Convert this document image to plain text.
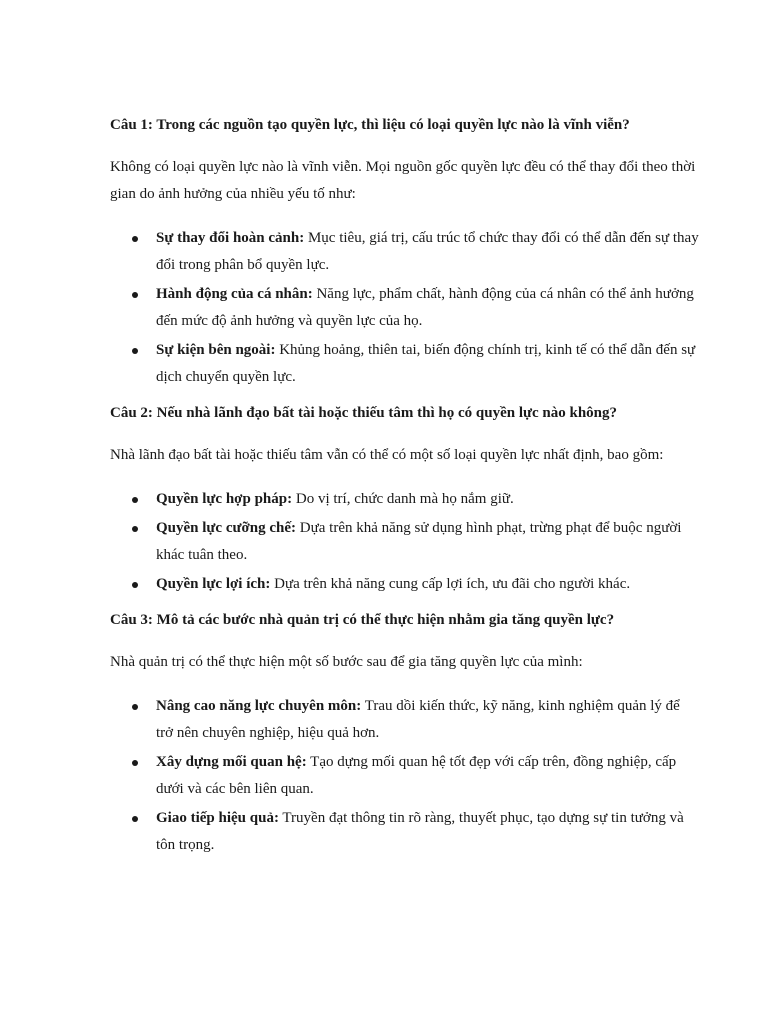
Câu 1: Trong các nguồn tạo quyền lực, thì liệu có loại quyền lực nào là vĩnh viễn?

Không có loại quyền lực nào là vĩnh viễn. Mọi nguồn gốc quyền lực đều có thể thay đổi theo thời gian do ảnh hưởng của nhiều yếu tố như:

Sự thay đổi hoàn cảnh: Mục tiêu, giá trị, cấu trúc tổ chức thay đổi có thể dẫn đến sự thay đổi trong phân bổ quyền lực.
Hành động của cá nhân: Năng lực, phẩm chất, hành động của cá nhân có thể ảnh hưởng đến mức độ ảnh hưởng và quyền lực của họ.
Sự kiện bên ngoài: Khủng hoảng, thiên tai, biến động chính trị, kinh tế có thể dẫn đến sự dịch chuyển quyền lực.

Câu 2: Nếu nhà lãnh đạo bất tài hoặc thiếu tâm thì họ có quyền lực nào không?

Nhà lãnh đạo bất tài hoặc thiếu tâm vẫn có thể có một số loại quyền lực nhất định, bao gồm:

Quyền lực hợp pháp: Do vị trí, chức danh mà họ nắm giữ.
Quyền lực cưỡng chế: Dựa trên khả năng sử dụng hình phạt, trừng phạt để buộc người khác tuân theo.
Quyền lực lợi ích: Dựa trên khả năng cung cấp lợi ích, ưu đãi cho người khác.

Câu 3: Mô tả các bước nhà quản trị có thể thực hiện nhằm gia tăng quyền lực?

Nhà quản trị có thể thực hiện một số bước sau để gia tăng quyền lực của mình:

Nâng cao năng lực chuyên môn: Trau dồi kiến thức, kỹ năng, kinh nghiệm quản lý để trở nên chuyên nghiệp, hiệu quả hơn.
Xây dựng mối quan hệ: Tạo dựng mối quan hệ tốt đẹp với cấp trên, đồng nghiệp, cấp dưới và các bên liên quan.
Giao tiếp hiệu quả: Truyền đạt thông tin rõ ràng, thuyết phục, tạo dựng sự tin tưởng và tôn trọng.
